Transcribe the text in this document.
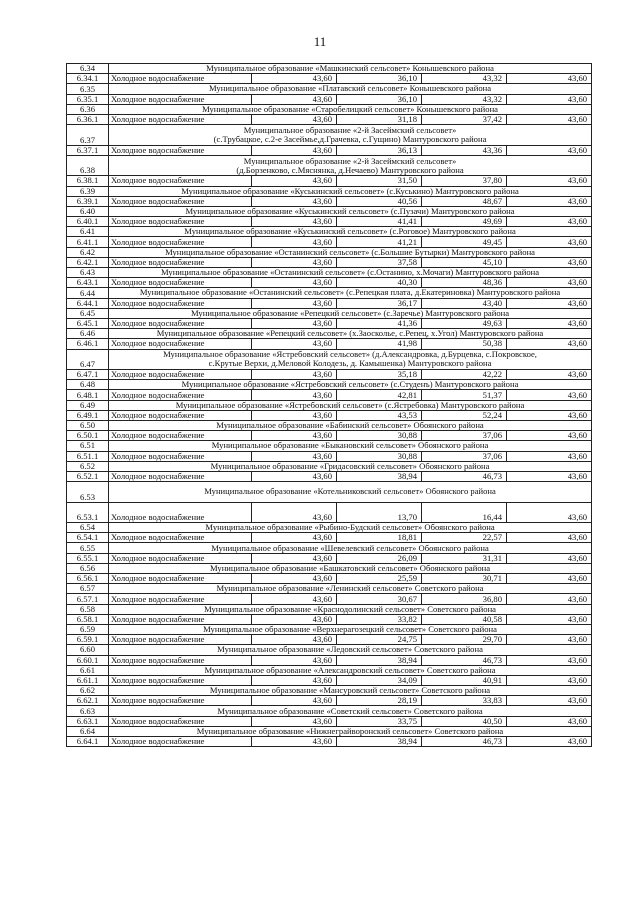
11
6.34	Муниципальное образование «Машкинский сельсовет» Конышевского района				

6.34.1	Холодное водоснабжение	43,60	36,10	43,32	43,60
6.35	Муниципальное образование «Платавский сельсовет» Конышевского района				

6.35.1	Холодное водоснабжение	43,60	36,10	43,32	43,60
6.36	Муниципальное образование «Старобелицкий сельсовет» Конышевского района				

6.36.1	Холодное водоснабжение	43,60	31,18	37,42	43,60
6.37	Муниципальное образование «2-й Засеймский сельсовет»
(с.Трубацкое, с.2-е Засеймье,д.Грачевка, с.Гущино) Мантуровского района				

6.37.1	Холодное водоснабжение	43,60	36,13	43,36	43,60
6.38	Муниципальное образование «2-й Засеймский сельсовет»
(д.Борзенково, с.Мяснянка, д.Нечаево) Мантуровского района				

6.38.1	Холодное водоснабжение	43,60	31,50	37,80	43,60
6.39	Муниципальное образование «Куськинский сельсовет» (с.Куськино) Мантуровского района				

6.39.1	Холодное водоснабжение	43,60	40,56	48,67	43,60
6.40	Муниципальное образование «Куськинский сельсовет» (с.Пузачи) Мантуровского района				

6.40.1	Холодное водоснабжение	43,60	41,41	49,69	43,60
6.41	Муниципальное образование «Куськинский сельсовет» (с.Роговое) Мантуровского района				

6.41.1	Холодное водоснабжение	43,60	41,21	49,45	43,60
6.42	Муниципальное образование «Останинский сельсовет» (с.Большие Бутырки) Мантуровского района				

6.42.1	Холодное водоснабжение	43,60	37,58	45,10	43,60
6.43	Муниципальное образование «Останинский сельсовет» (с.Останино, х.Мочаги) Мантуровского района				

6.43.1	Холодное водоснабжение	43,60	40,30	48,36	43,60
6.44	Муниципальное образование «Останинский сельсовет» (с.Репецкая плата, д.Екатериновка) Мантуровского района				

6.44.1	Холодное водоснабжение	43,60	36,17	43,40	43,60
6.45	Муниципальное образование «Репецкий сельсовет» (с.Заречье) Мантуровского района				

6.45.1	Холодное водоснабжение	43,60	41,36	49,63	43,60
6.46	Муниципальное образование «Репецкий сельсовет» (х.Заосколье, с.Репец, х.Угол) Мантуровского района				

6.46.1	Холодное водоснабжение	43,60	41,98	50,38	43,60
6.47	Муниципальное образование «Ястребовский сельсовет» (д.Александровка, д.Бурцевка, с.Покровское,
с.Крутые Верхи, д.Меловой Колодезь, д. Камышенка) Мантуровского района				

6.47.1	Холодное водоснабжение	43,60	35,18	42,22	43,60
6.48	Муниципальное образование «Ястребовский сельсовет» (с.Студенъ) Мантуровского района				

6.48.1	Холодное водоснабжение	43,60	42,81	51,37	43,60
6.49	Муниципальное образование «Ястребовский сельсовет» (с.Ястребовка) Мантуровского района				

6.49.1	Холодное водоснабжение	43,60	43,53	52,24	43,60
6.50	Муниципальное образование «Бабинский сельсовет» Обоянского района				

6.50.1	Холодное водоснабжение	43,60	30,88	37,06	43,60
6.51	Муниципальное образование «Быкановский сельсовет» Обоянского района				

6.51.1	Холодное водоснабжение	43,60	30,88	37,06	43,60
6.52	Муниципальное образование «Гридасовский сельсовет» Обоянского района				

6.52.1	Холодное водоснабжение	43,60	38,94	46,73	43,60
6.53	Муниципальное образование «Котельниковский сельсовет» Обоянского района				

6.53.1	Холодное водоснабжение	43,60	13,70	16,44	43,60
6.54	Муниципальное образование «Рыбино-Будский сельсовет» Обоянского района				

6.54.1	Холодное водоснабжение	43,60	18,81	22,57	43,60
6.55	Муниципальное образование «Шевелевский сельсовет» Обоянского района				

6.55.1	Холодное водоснабжение	43,60	26,09	31,31	43,60
6.56	Муниципальное образование «Башкатовский сельсовет» Обоянского района				

6.56.1	Холодное водоснабжение	43,60	25,59	30,71	43,60
6.57	Муниципальное образование «Ленинский сельсовет» Советского района				

6.57.1	Холодное водоснабжение	43,60	30,67	36,80	43,60
6.58	Муниципальное образование «Краснодолинский сельсовет» Советского района				

6.58.1	Холодное водоснабжение	43,60	33,82	40,58	43,60
6.59	Муниципальное образование «Верхнерагозецкий сельсовет» Советского района				

6.59.1	Холодное водоснабжение	43,60	24,75	29,70	43,60
6.60	Муниципальное образование «Ледовский сельсовет» Советского района				

6.60.1	Холодное водоснабжение	43,60	38,94	46,73	43,60
6.61	Муниципальное образование «Александровский сельсовет» Советского района				

6.61.1	Холодное водоснабжение	43,60	34,09	40,91	43,60
6.62	Муниципальное образование «Мансуровский сельсовет» Советского района				

6.62.1	Холодное водоснабжение	43,60	28,19	33,83	43,60
6.63	Муниципальное образование «Советский сельсовет» Советского района				

6.63.1	Холодное водоснабжение	43,60	33,75	40,50	43,60
6.64	Муниципальное образование «Нижнеграйворонский сельсовет» Советского района				

6.64.1	Холодное водоснабжение	43,60	38,94	46,73	43,60
